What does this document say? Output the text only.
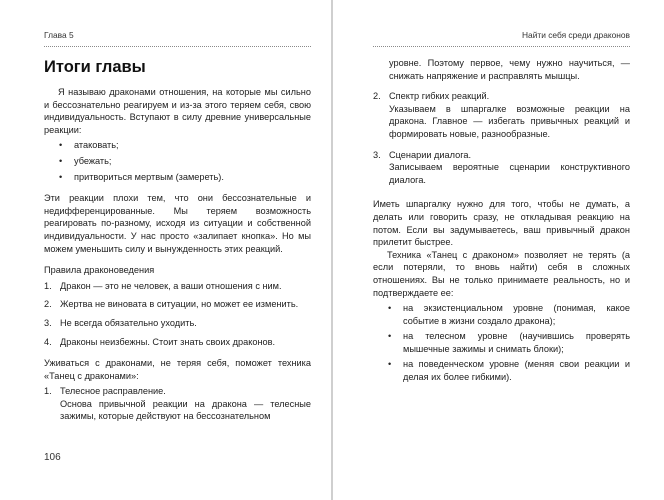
Глава 5
Итоги главы

Я называю драконами отношения, на которые мы сильно и бессознательно реагируем и из-за этого теряем себя, свою индивидуальность. Вступают в силу древние универсальные реакции:

• атаковать;
• убежать;
• притвориться мертвым (замереть).

Эти реакции плохи тем, что они бессознательные и недифференцированные. Мы теряем возможность реагировать по-разному, исходя из ситуации и собственной индивидуальности. У нас просто «залипает кнопка». Но мы можем уменьшить силу и вынужденность этих реакций.

Правила драконоведения

1. Дракон — это не человек, а ваши отношения с ним.
2. Жертва не виновата в ситуации, но может ее изменить.
3. Не всегда обязательно уходить.
4. Драконы неизбежны. Стоит знать своих драконов.

Уживаться с драконами, не теряя себя, поможет техника «Танец с драконами»:

1. Телесное расправление.
Основа привычной реакции на дракона — телесные зажимы, которые действуют на бессознательном
106
Найти себя среди драконов

уровне. Поэтому первое, чему нужно научиться, — снижать напряжение и расправлять мышцы.

2. Спектр гибких реакций.
Указываем в шпаргалке возможные реакции на дракона. Главное — избегать привычных реакций и формировать новые, разнообразные.
3. Сценарии диалога.
Записываем вероятные сценарии конструктивного диалога.

Иметь шпаргалку нужно для того, чтобы не думать, а делать или говорить сразу, не откладывая реакцию на потом. Если вы задумываетесь, ваш привычный дракон прилетит быстрее.

Техника «Танец с драконом» позволяет не терять (а если потеряли, то вновь найти) себя в сложных отношениях. Вы не только принимаете реальность, но и подтверждаете ее:

• на экзистенциальном уровне (понимая, какое событие в жизни создало дракона);
• на телесном уровне (научившись проверять мышечные зажимы и снимать блоки);
• на поведенческом уровне (меняя свои реакции и делая их более гибкими).
